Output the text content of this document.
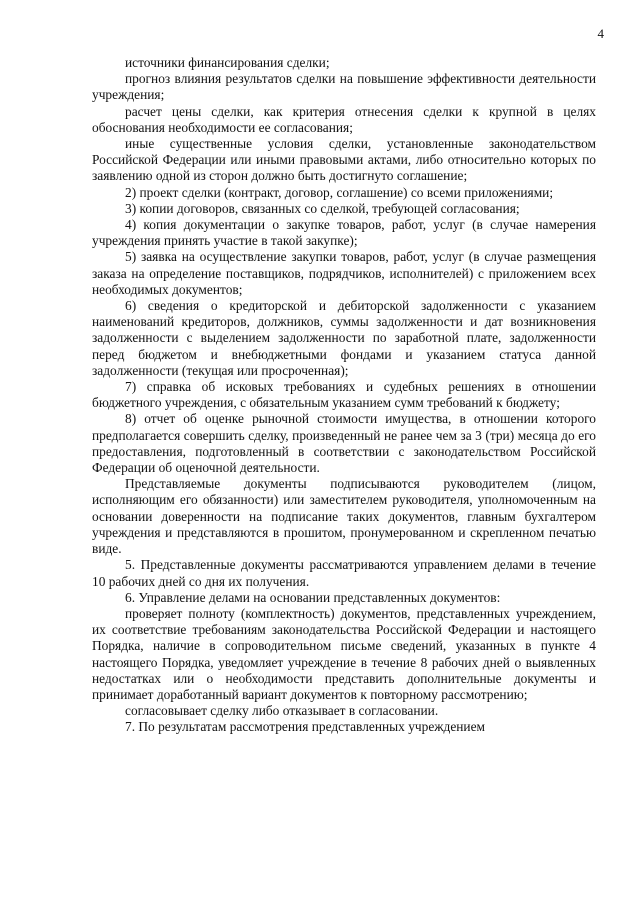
4

источники финансирования сделки;

прогноз влияния результатов сделки на повышение эффективности деятельности учреждения;

расчет цены сделки, как критерия отнесения сделки к крупной в целях обоснования необходимости ее согласования;

иные существенные условия сделки, установленные законодательством Российской Федерации или иными правовыми актами, либо относительно которых по заявлению одной из сторон должно быть достигнуто соглашение;

2) проект сделки (контракт, договор, соглашение) со всеми приложениями;

3) копии договоров, связанных со сделкой, требующей согласования;

4) копия документации о закупке товаров, работ, услуг (в случае намерения учреждения принять участие в такой закупке);

5) заявка на осуществление закупки товаров, работ, услуг (в случае размещения заказа на определение поставщиков, подрядчиков, исполнителей) с приложением всех необходимых документов;

6) сведения о кредиторской и дебиторской задолженности с указанием наименований кредиторов, должников, суммы задолженности и дат возникновения задолженности с выделением задолженности по заработной плате, задолженности перед бюджетом и внебюджетными фондами и указанием статуса данной задолженности (текущая или просроченная);

7) справка об исковых требованиях и судебных решениях в отношении бюджетного учреждения, с обязательным указанием сумм требований к бюджету;

8) отчет об оценке рыночной стоимости имущества, в отношении которого предполагается совершить сделку, произведенный не ранее чем за 3 (три) месяца до его предоставления, подготовленный в соответствии с законодательством Российской Федерации об оценочной деятельности.

Представляемые документы подписываются руководителем (лицом, исполняющим его обязанности) или заместителем руководителя, уполномоченным на основании доверенности на подписание таких документов, главным бухгалтером учреждения и представляются в прошитом, пронумерованном и скрепленном печатью виде.

5. Представленные документы рассматриваются управлением делами в течение 10 рабочих дней со дня их получения.

6. Управление делами на основании представленных документов:

проверяет полноту (комплектность) документов, представленных учреждением, их соответствие требованиям законодательства Российской Федерации и настоящего Порядка, наличие в сопроводительном письме сведений, указанных в пункте 4 настоящего Порядка, уведомляет учреждение в течение 8 рабочих дней о выявленных недостатках или о необходимости представить дополнительные документы и принимает доработанный вариант документов к повторному рассмотрению;

согласовывает сделку либо отказывает в согласовании.

7. По результатам рассмотрения представленных учреждением
